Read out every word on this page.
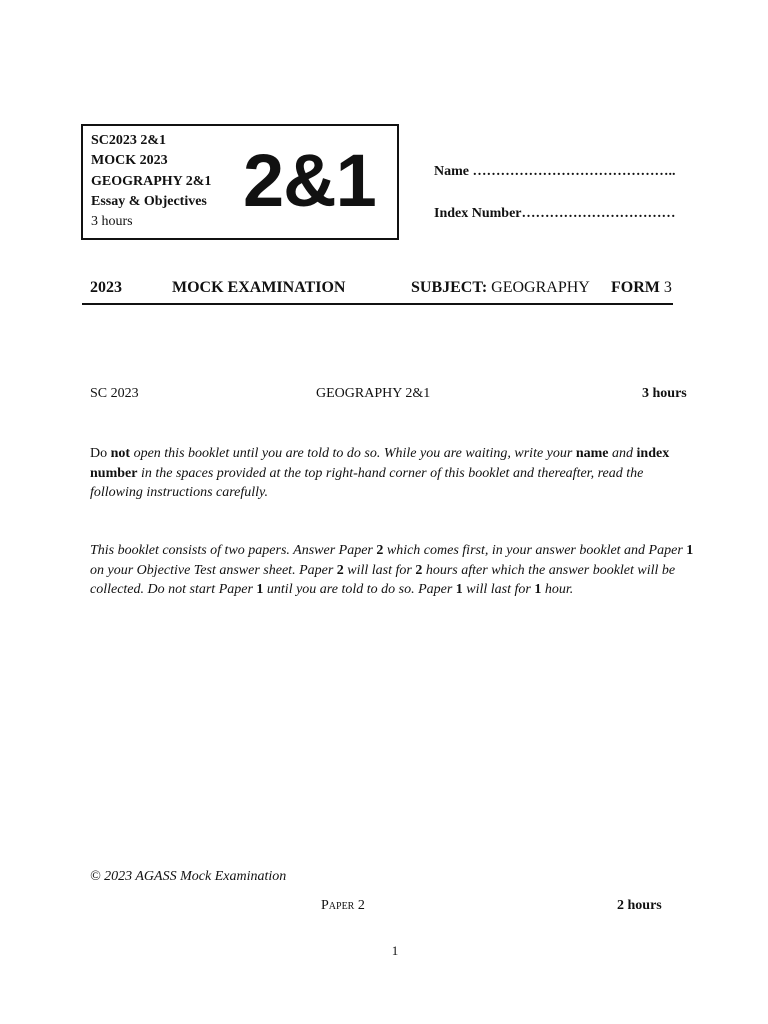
SC2023 2&1
MOCK 2023
GEOGRAPHY 2&1
Essay & Objectives
3 hours 2&1	Name ……………………………………..
Index Number……………………………
2023	MOCK EXAMINATION	SUBJECT: GEOGRAPHY FORM 3
SC 2023	GEOGRAPHY 2&1	3 hours
Do not open this booklet until you are told to do so. While you are waiting, write your name and index number in the spaces provided at the top right-hand corner of this booklet and thereafter, read the following instructions carefully.
This booklet consists of two papers. Answer Paper 2 which comes first, in your answer booklet and Paper 1 on your Objective Test answer sheet. Paper 2 will last for 2 hours after which the answer booklet will be collected. Do not start Paper 1 until you are told to do so. Paper 1 will last for 1 hour.
© 2023 AGASS Mock Examination
Paper 2	2 hours
1
